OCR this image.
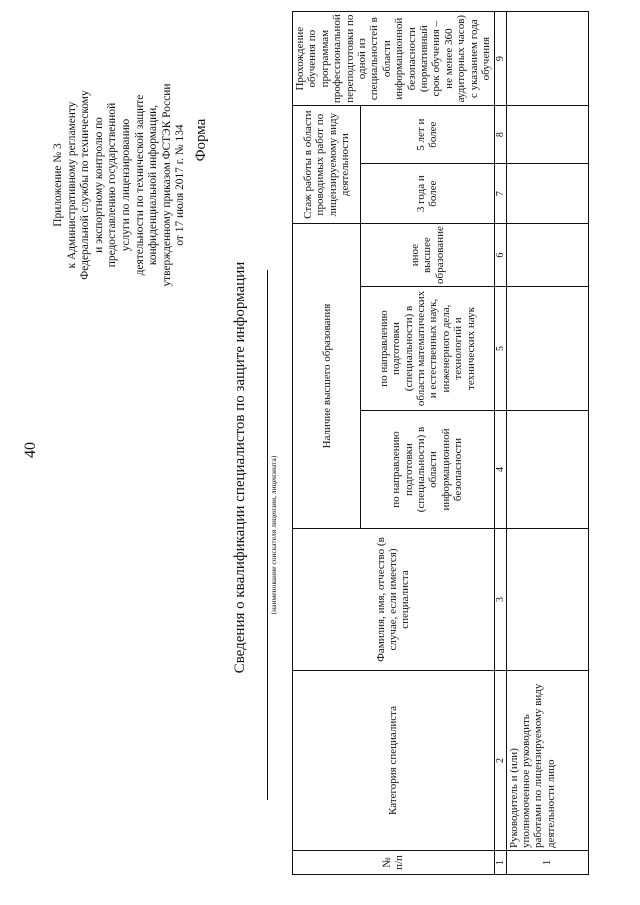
40
Приложение № 3 к Административному регламенту Федеральной службы по техническому и экспортному контролю по предоставлению государственной услуги по лицензированию деятельности по технической защите конфиденциальной информации, утвержденному приказом ФСТЭК России от 17 июля 2017 г. № 134 Форма
Сведения о квалификации специалистов по защите информации	(наименование соискателя лицензии, лицензиата)
№ п/п	Категория специалиста	Фамилия, имя, отчество (в случае, если имеется) специалиста	Наличие высшего образования			Стаж работы в области проводимых работ по лицензируемому виду деятельности		Прохождение обучения по программам профессиональной переподготовки по одной из специальностей в области информационной безопасности (нормативный срок обучения – не менее 360 аудиторных часов) с указанием года обучения
			по направлению подготовки (специальности) в области информационной безопасности	по направлению подготовки (специальности) в области математических и естественных наук, инженерного дела, технологий и технических наук	иное высшее образование	3 года и более	5 лет и более	
1	2	3	4	5	6	7	8	9
1	Руководитель и (или) уполномоченное руководить работами по лицензируемому виду деятельности лицо							
